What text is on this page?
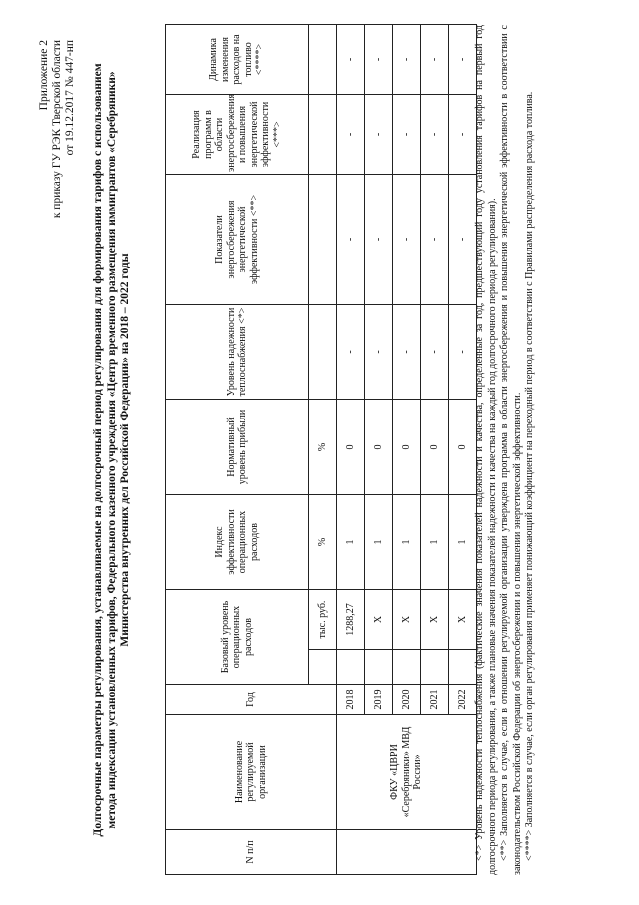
Приложение 2 к приказу ГУ РЭК Тверской области от 19.12.2017 № 447-нп Долгосрочные параметры регулирования, устанавливаемые на долгосрочный период регулирования для формирования тарифов с использованием метода индексации установленных тарифов, Федерального казенного учреждения «Центр временного размещения иммигрантов «Серебряники» Министерства внутренних дел Российской Федерации» на 2018 – 2022 годы
N п/п	Наименование регулируемой организации	Год	Базовый уровень операционных расходов		Индекс эффективности операционных расходов	Нормативный уровень прибыли	Уровень надежности теплоснабжения <*>	Показатели энергосбережения энергетической эффективности <**>	Реализация программ в области энергосбережения и повышения энергетической эффективности <***>	Динамика изменения расходов на топливо <****>
				тыс. руб.	%	%				
	ФКУ «ЦВРИ «Серебряники» МВД России»	2018		1288,27	1	0	-	-	-	-
		2019		X	1	0	-	-	-	-
		2020		X	1	0	-	-	-	-
		2021		X	1	0	-	-	-	-
		2022		X	1	0	-	-	-	- <*> Уровень надежности теплоснабжения (фактические значения показателей надежности и качества, определенные за год, предшествующий году установления тарифов на первый год долгосрочного периода регулирования, а также плановые значения показателей надежности и качества на каждый год долгосрочного периода регулирования). <**> Заполняется в случае, если в отношении регулируемой организации утверждена программа в области энергосбережения и повышения энергетической эффективности в соответствии с законодательством Российской Федерации об энергосбережении и о повышении энергетической эффективности. <****> Заполняется в случае, если орган регулирования применяет понижающий коэффициент на переходный период в соответствии с Правилами распределения расхода топлива.
